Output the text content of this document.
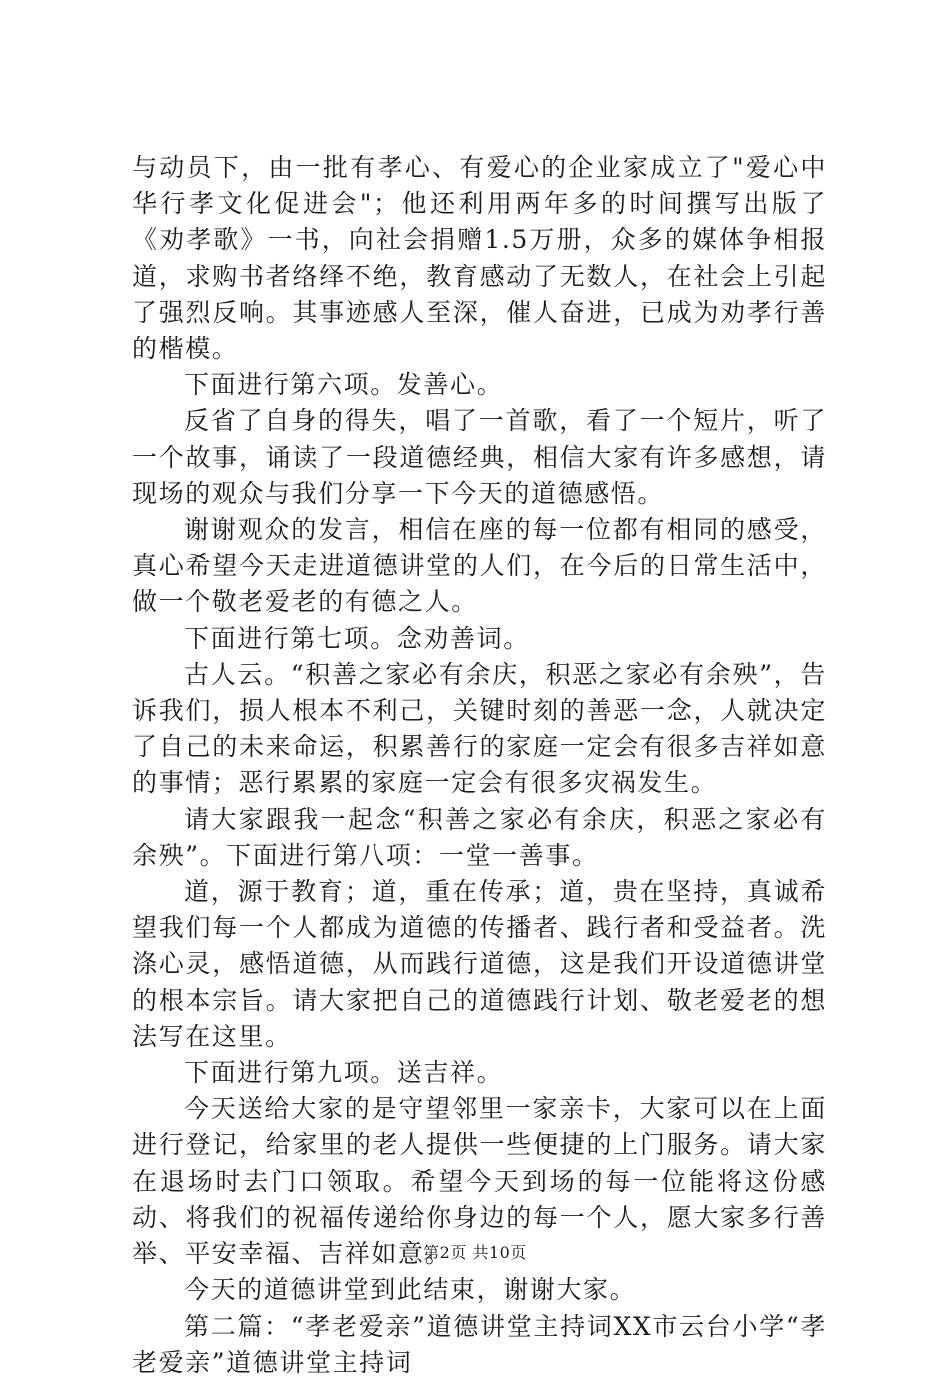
与动员下，由一批有孝心、有爱心的企业家成立了"爱心中华行孝文化促进会"；他还利用两年多的时间撰写出版了《劝孝歌》一书，向社会捐赠1.5万册，众多的媒体争相报道，求购书者络绎不绝，教育感动了无数人，在社会上引起了强烈反响。其事迹感人至深，催人奋进，已成为劝孝行善的楷模。

下面进行第六项。发善心。

反省了自身的得失，唱了一首歌，看了一个短片，听了一个故事，诵读了一段道德经典，相信大家有许多感想，请现场的观众与我们分享一下今天的道德感悟。

谢谢观众的发言，相信在座的每一位都有相同的感受，真心希望今天走进道德讲堂的人们，在今后的日常生活中，做一个敬老爱老的有德之人。

下面进行第七项。念劝善词。

古人云。“积善之家必有余庆，积恶之家必有余殃”，告诉我们，损人根本不利己，关键时刻的善恶一念，人就决定了自己的未来命运，积累善行的家庭一定会有很多吉祥如意的事情；恶行累累的家庭一定会有很多灾祸发生。

请大家跟我一起念“积善之家必有余庆，积恶之家必有余殃”。下面进行第八项：一堂一善事。

道，源于教育；道，重在传承；道，贵在坚持，真诚希望我们每一个人都成为道德的传播者、践行者和受益者。洗涤心灵，感悟道德，从而践行道德，这是我们开设道德讲堂的根本宗旨。请大家把自己的道德践行计划、敬老爱老的想法写在这里。

下面进行第九项。送吉祥。

今天送给大家的是守望邻里一家亲卡，大家可以在上面进行登记，给家里的老人提供一些便捷的上门服务。请大家在退场时去门口领取。希望今天到场的每一位能将这份感动、将我们的祝福传递给你身边的每一个人，愿大家多行善举、平安幸福、吉祥如意。

今天的道德讲堂到此结束，谢谢大家。

第二篇：“孝老爱亲”道德讲堂主持词XX市云台小学“孝老爱亲”道德讲堂主持词

第2页 共10页
